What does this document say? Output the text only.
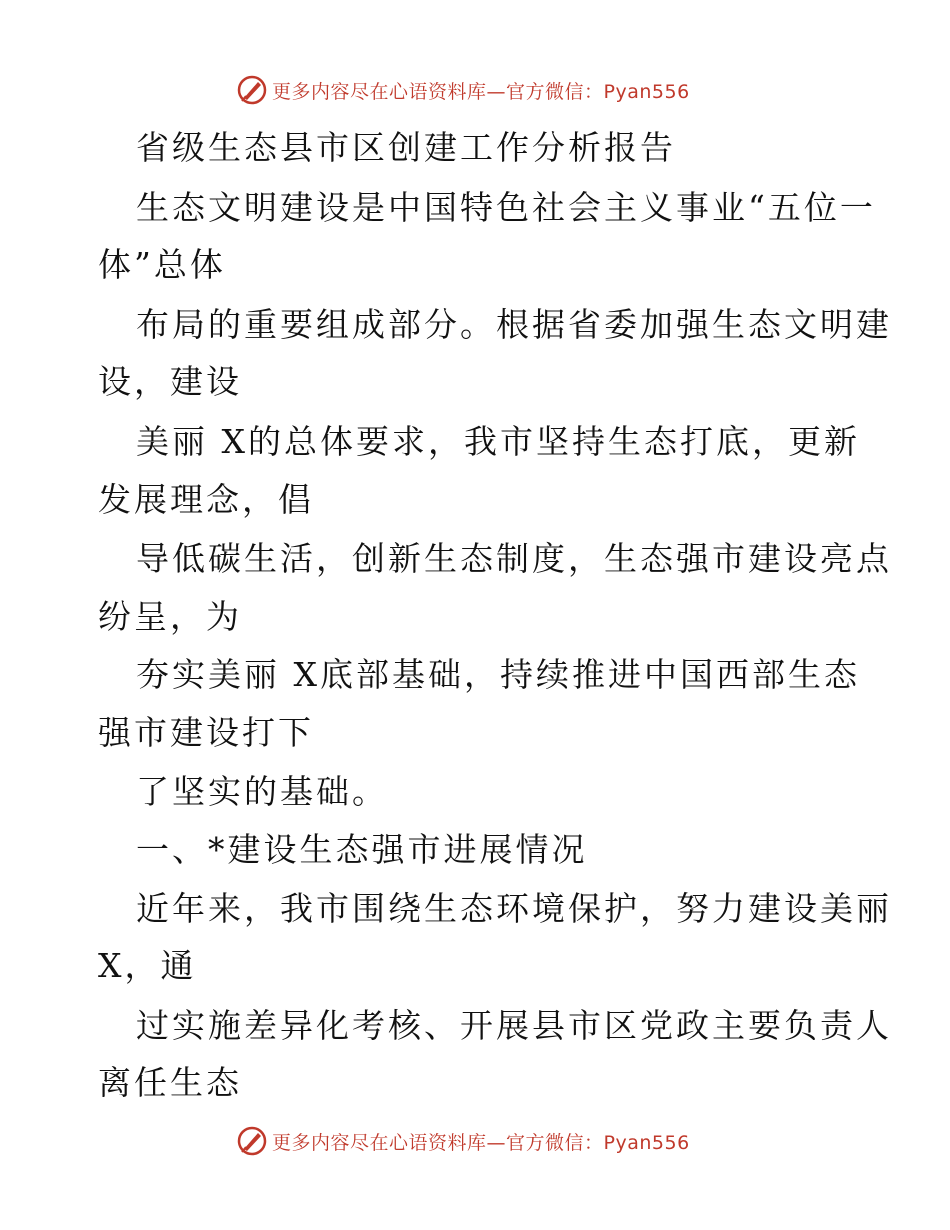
更多内容尽在心语资料库—官方微信：Pyan556
省级生态县市区创建工作分析报告
生态文明建设是中国特色社会主义事业“五位一
体”总体
布局的重要组成部分。根据省委加强生态文明建
设，建设
美丽 X的总体要求，我市坚持生态打底，更新
发展理念，倡
导低碳生活，创新生态制度，生态强市建设亮点
纷呈，为
夯实美丽 X底部基础，持续推进中国西部生态
强市建设打下
了坚实的基础。
一、*建设生态强市进展情况
近年来，我市围绕生态环境保护，努力建设美丽
X，通
过实施差异化考核、开展县市区党政主要负责人
离任生态
更多内容尽在心语资料库—官方微信：Pyan556
